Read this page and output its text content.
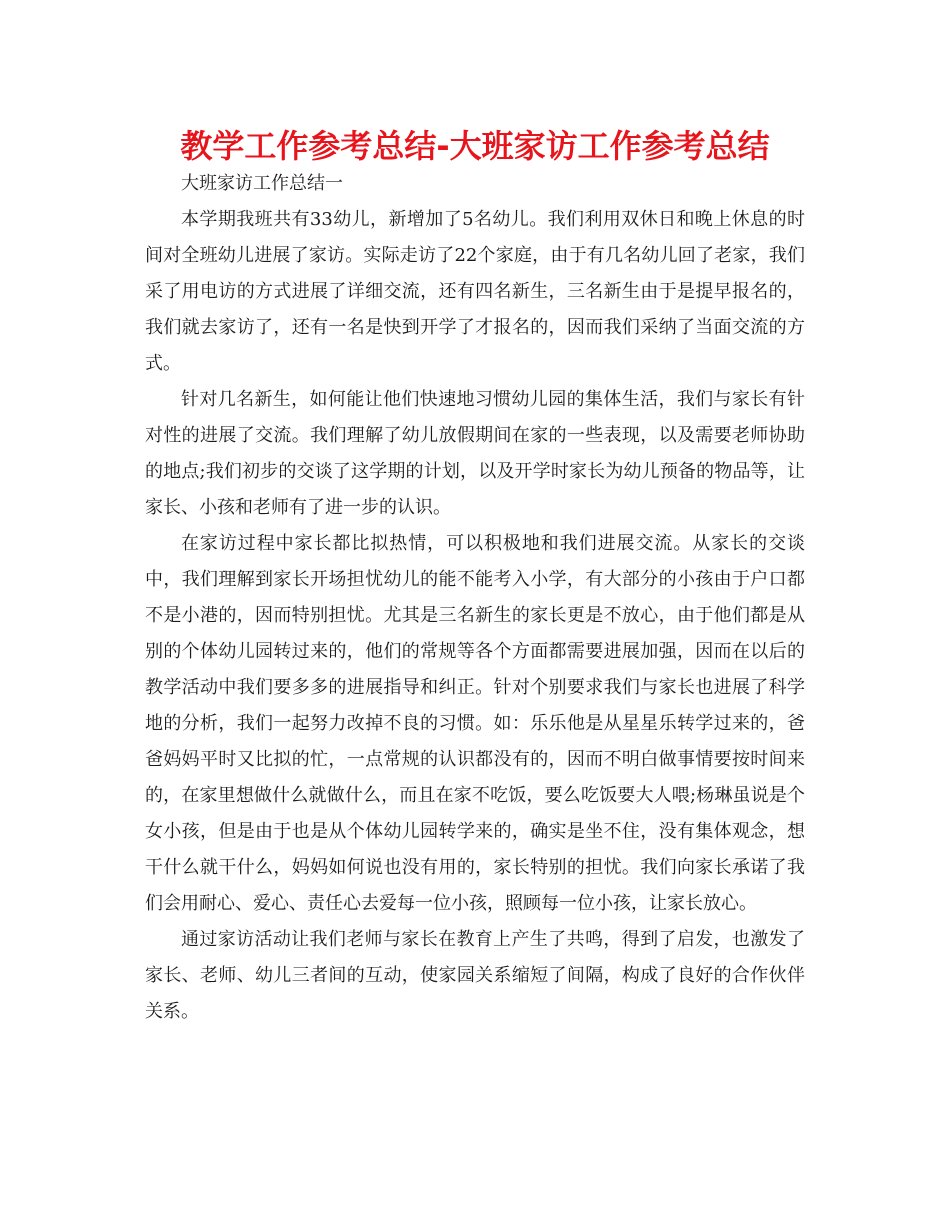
教学工作参考总结-大班家访工作参考总结

大班家访工作总结一

本学期我班共有33幼儿，新增加了5名幼儿。我们利用双休日和晚上休息的时间对全班幼儿进展了家访。实际走访了22个家庭，由于有几名幼儿回了老家，我们采了用电访的方式进展了详细交流，还有四名新生，三名新生由于是提早报名的，我们就去家访了，还有一名是快到开学了才报名的，因而我们采纳了当面交流的方式。

针对几名新生，如何能让他们快速地习惯幼儿园的集体生活，我们与家长有针对性的进展了交流。我们理解了幼儿放假期间在家的一些表现，以及需要老师协助的地点;我们初步的交谈了这学期的计划，以及开学时家长为幼儿预备的物品等，让家长、小孩和老师有了进一步的认识。

在家访过程中家长都比拟热情，可以积极地和我们进展交流。从家长的交谈中，我们理解到家长开场担忧幼儿的能不能考入小学，有大部分的小孩由于户口都不是小港的，因而特别担忧。尤其是三名新生的家长更是不放心，由于他们都是从别的个体幼儿园转过来的，他们的常规等各个方面都需要进展加强，因而在以后的教学活动中我们要多多的进展指导和纠正。针对个别要求我们与家长也进展了科学地的分析，我们一起努力改掉不良的习惯。如：乐乐他是从星星乐转学过来的，爸爸妈妈平时又比拟的忙，一点常规的认识都没有的，因而不明白做事情要按时间来的，在家里想做什么就做什么，而且在家不吃饭，要么吃饭要大人喂;杨琳虽说是个女小孩，但是由于也是从个体幼儿园转学来的，确实是坐不住，没有集体观念，想干什么就干什么，妈妈如何说也没有用的，家长特别的担忧。我们向家长承诺了我们会用耐心、爱心、责任心去爱每一位小孩，照顾每一位小孩，让家长放心。

通过家访活动让我们老师与家长在教育上产生了共鸣，得到了启发，也激发了家长、老师、幼儿三者间的互动，使家园关系缩短了间隔，构成了良好的合作伙伴关系。
